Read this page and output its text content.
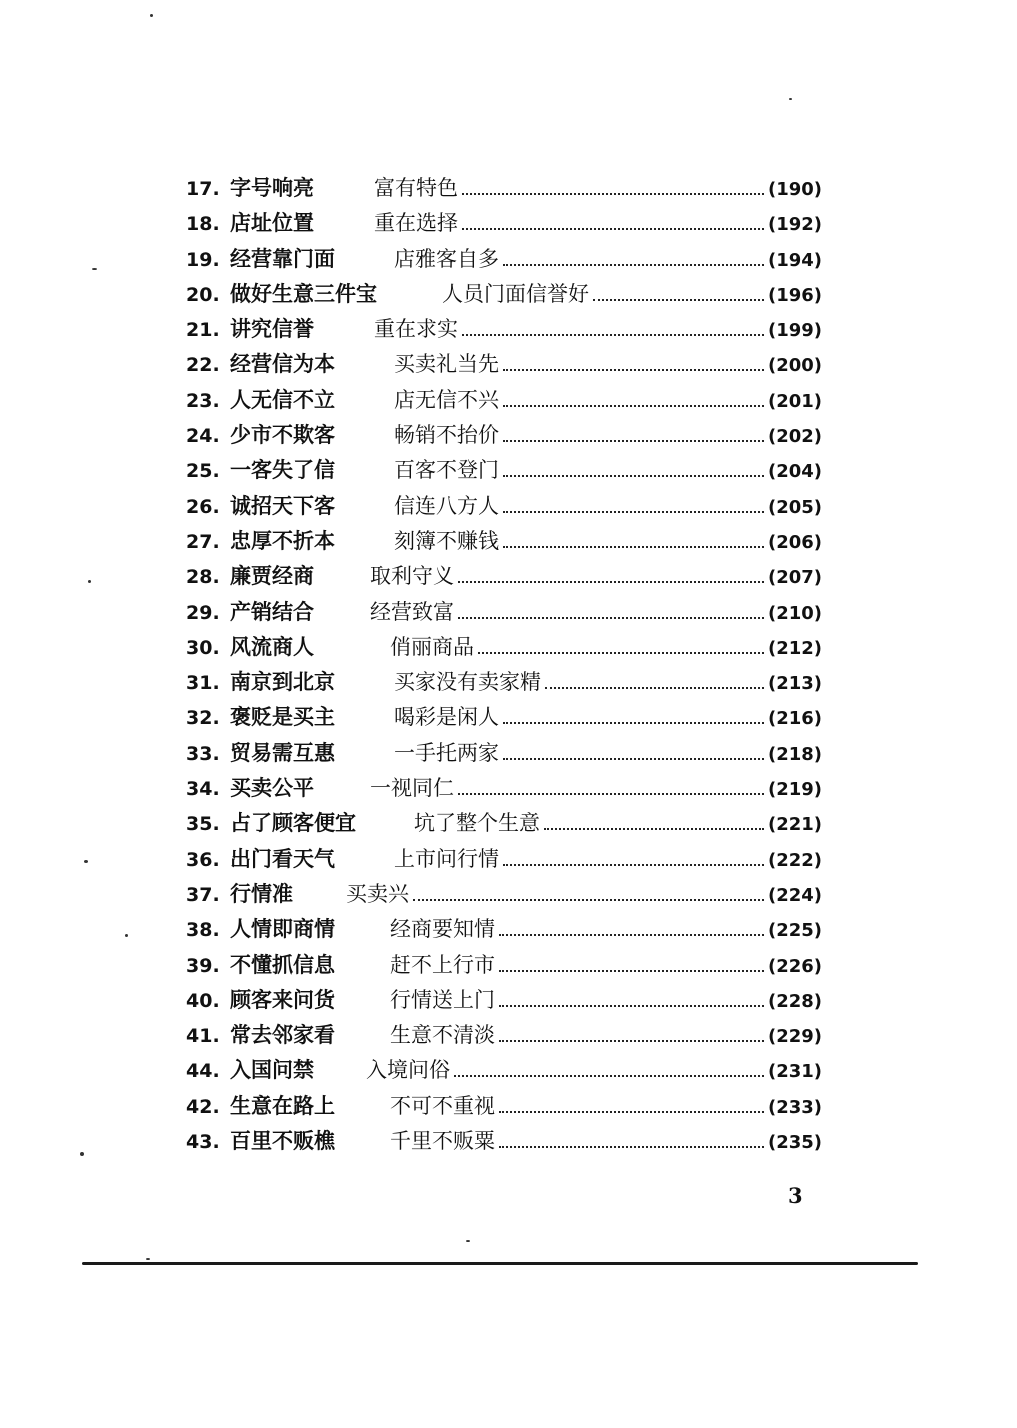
17. 字号响亮	富有特色	(190)
18. 店址位置	重在选择	(192)
19. 经营靠门面	店雅客自多	(194)
20. 做好生意三件宝	人员门面信誉好	(196)
21. 讲究信誉	重在求实	(199)
22. 经营信为本	买卖礼当先	(200)
23. 人无信不立	店无信不兴	(201)
24. 少市不欺客	畅销不抬价	(202)
25. 一客失了信	百客不登门	(204)
26. 诚招天下客	信连八方人	(205)
27. 忠厚不折本	刻簿不赚钱	(206)
28. 廉贾经商	取利守义	(207)
29. 产销结合	经营致富	(210)
30. 风流商人	俏丽商品	(212)
31. 南京到北京	买家没有卖家精	(213)
32. 褒贬是买主	喝彩是闲人	(216)
33. 贸易需互惠	一手托两家	(218)
34. 买卖公平	一视同仁	(219)
35. 占了顾客便宜	坑了整个生意	(221)
36. 出门看天气	上市问行情	(222)
37. 行情准	买卖兴	(224)
38. 人情即商情	经商要知情	(225)
39. 不懂抓信息	赶不上行市	(226)
40. 顾客来问货	行情送上门	(228)
41. 常去邻家看	生意不清淡	(229)
44. 入国问禁	入境问俗	(231)
42. 生意在路上	不可不重视	(233)
43. 百里不贩樵	千里不贩粟	(235)
3
